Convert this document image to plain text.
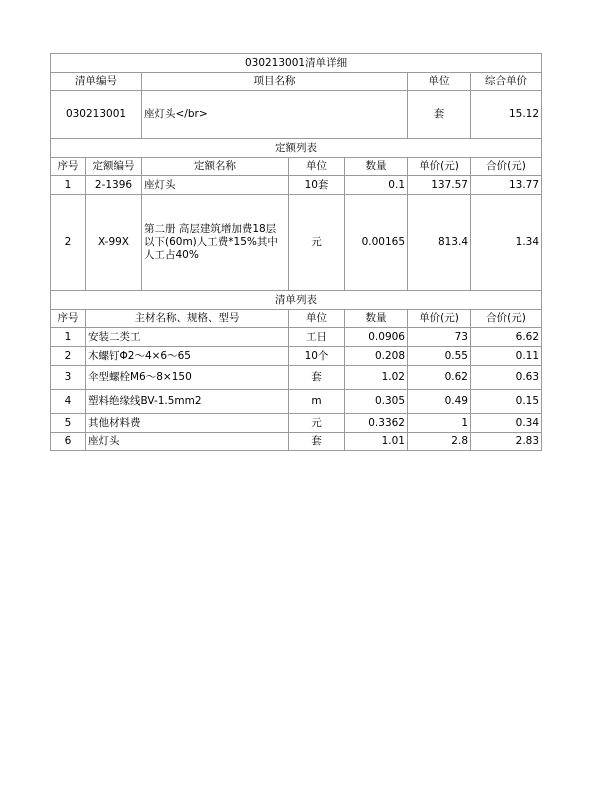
030213001清单详细						
清单编号		项目名称			单位	综合单价
030213001		座灯头</br>			套	15.12
定额列表						
序号	定额编号	定额名称	单位	数量	单价(元)	合价(元)
1	2-1396	座灯头	10套	0.1	137.57	13.77
2	X-99X	第二册 高层建筑增加费18层以下(60m)人工费*15%其中人工占40%	元	0.00165	813.4	1.34
清单列表						
序号	主材名称、规格、型号		单位	数量	单价(元)	合价(元)
1	安装二类工		工日	0.0906	73	6.62
2	木螺钉Φ2～4×6～65		10个	0.208	0.55	0.11
3	伞型螺栓M6～8×150		套	1.02	0.62	0.63
4	塑料绝缘线BV-1.5mm2		m	0.305	0.49	0.15
5	其他材料费		元	0.3362	1	0.34
6	座灯头		套	1.01	2.8	2.83
